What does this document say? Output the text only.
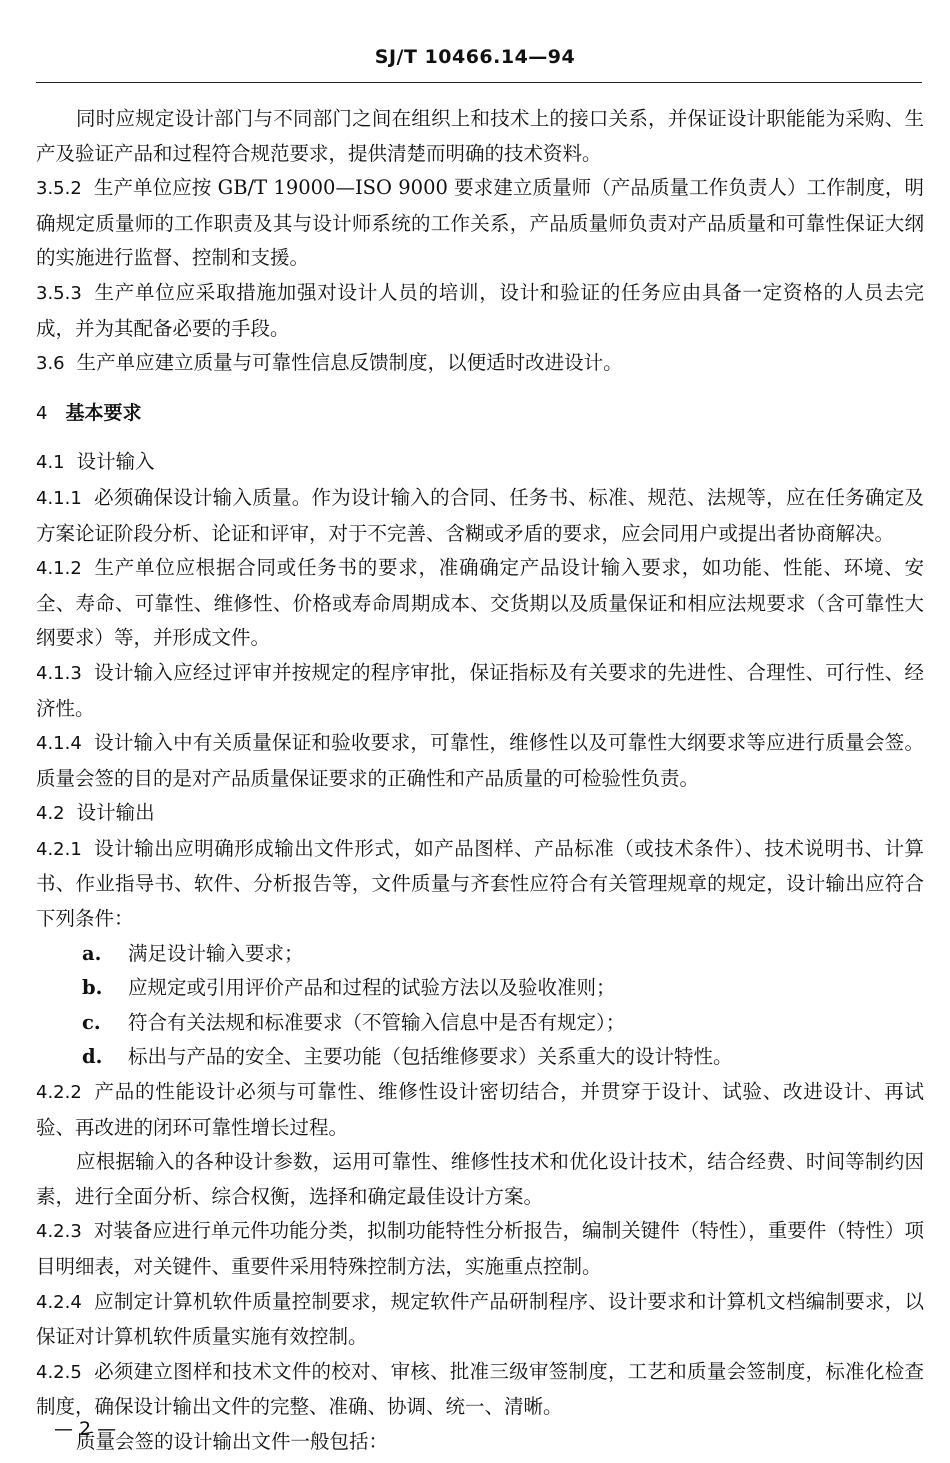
SJ/T 10466.14—94

同时应规定设计部门与不同部门之间在组织上和技术上的接口关系，并保证设计职能能为采购、生产及验证产品和过程符合规范要求，提供清楚而明确的技术资料。

3.5.2 生产单位应按 GB/T 19000—ISO 9000 要求建立质量师（产品质量工作负责人）工作制度，明确规定质量师的工作职责及其与设计师系统的工作关系，产品质量师负责对产品质量和可靠性保证大纲的实施进行监督、控制和支援。

3.5.3 生产单位应采取措施加强对设计人员的培训，设计和验证的任务应由具备一定资格的人员去完成，并为其配备必要的手段。

3.6 生产单应建立质量与可靠性信息反馈制度，以便适时改进设计。

4 基本要求

4.1 设计输入

4.1.1 必须确保设计输入质量。作为设计输入的合同、任务书、标准、规范、法规等，应在任务确定及方案论证阶段分析、论证和评审，对于不完善、含糊或矛盾的要求，应会同用户或提出者协商解决。

4.1.2 生产单位应根据合同或任务书的要求，准确确定产品设计输入要求，如功能、性能、环境、安全、寿命、可靠性、维修性、价格或寿命周期成本、交货期以及质量保证和相应法规要求（含可靠性大纲要求）等，并形成文件。

4.1.3 设计输入应经过评审并按规定的程序审批，保证指标及有关要求的先进性、合理性、可行性、经济性。

4.1.4 设计输入中有关质量保证和验收要求，可靠性，维修性以及可靠性大纲要求等应进行质量会签。质量会签的目的是对产品质量保证要求的正确性和产品质量的可检验性负责。

4.2 设计输出

4.2.1 设计输出应明确形成输出文件形式，如产品图样、产品标准（或技术条件）、技术说明书、计算书、作业指导书、软件、分析报告等，文件质量与齐套性应符合有关管理规章的规定，设计输出应符合下列条件：

a. 满足设计输入要求；

b. 应规定或引用评价产品和过程的试验方法以及验收准则；

c. 符合有关法规和标准要求（不管输入信息中是否有规定）；

d. 标出与产品的安全、主要功能（包括维修要求）关系重大的设计特性。

4.2.2 产品的性能设计必须与可靠性、维修性设计密切结合，并贯穿于设计、试验、改进设计、再试验、再改进的闭环可靠性增长过程。

应根据输入的各种设计参数，运用可靠性、维修性技术和优化设计技术，结合经费、时间等制约因素，进行全面分析、综合权衡，选择和确定最佳设计方案。

4.2.3 对装备应进行单元件功能分类，拟制功能特性分析报告，编制关键件（特性），重要件（特性）项目明细表，对关键件、重要件采用特殊控制方法，实施重点控制。

4.2.4 应制定计算机软件质量控制要求，规定软件产品研制程序、设计要求和计算机文档编制要求，以保证对计算机软件质量实施有效控制。

4.2.5 必须建立图样和技术文件的校对、审核、批准三级审签制度，工艺和质量会签制度，标准化检查制度，确保设计输出文件的完整、准确、协调、统一、清晰。

质量会签的设计输出文件一般包括：

— 2 —
